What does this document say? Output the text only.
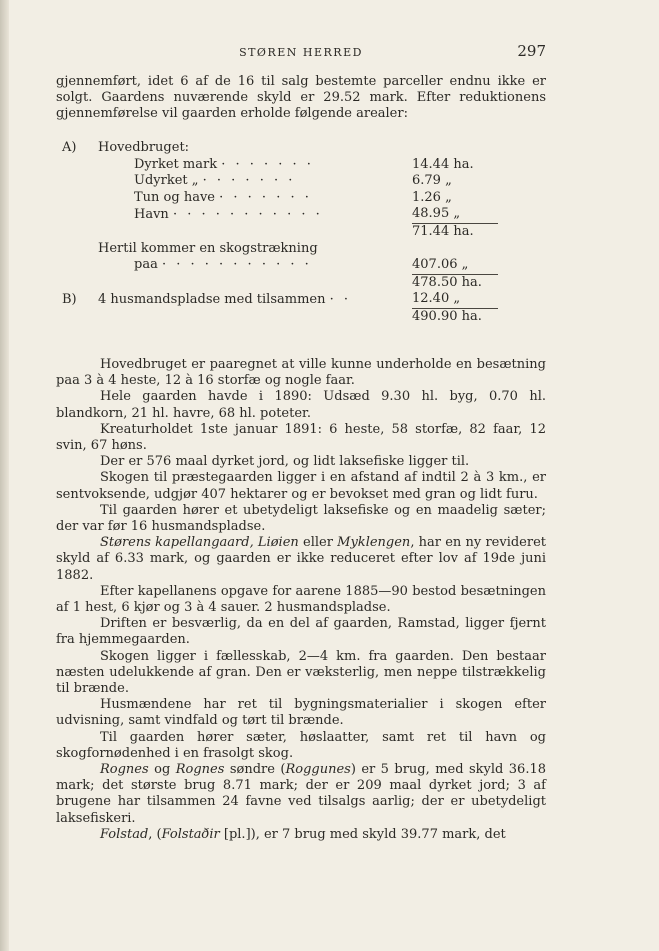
STØREN HERRED	297

gjennemført, idet 6 af de 16 til salg bestemte parceller endnu ikke er solgt. Gaardens nuværende skyld er 29.52 mark. Efter reduktionens gjennemførelse vil gaarden erholde følgende arealer:

A)	Hovedbruget:	
	Dyrket mark · · · · · · ·	14.44 ha.
	Udyrket „ · · · · · · ·	6.79 „
	Tun og have · · · · · · ·	1.26 „
	Havn · · · · · · · · · · ·	48.95 „
		71.44 ha.
	Hertil kommer en skogstrækning	
	paa · · · · · · · · · · ·	407.06 „
		478.50 ha.
B)	4 husmandspladse med tilsammen · ·	12.40 „
		490.90 ha.

Hovedbruget er paaregnet at ville kunne underholde en besætning paa 3 à 4 heste, 12 à 16 storfæ og nogle faar.

Hele gaarden havde i 1890: Udsæd 9.30 hl. byg, 0.70 hl. blandkorn, 21 hl. havre, 68 hl. poteter.

Kreaturholdet 1ste januar 1891: 6 heste, 58 storfæ, 82 faar, 12 svin, 67 høns.

Der er 576 maal dyrket jord, og lidt laksefiske ligger til.

Skogen til præstegaarden ligger i en afstand af indtil 2 à 3 km., er sentvoksende, udgjør 407 hektarer og er bevokset med gran og lidt furu.

Til gaarden hører et ubetydeligt laksefiske og en maadelig sæter; der var før 16 husmandspladse.

Størens kapellangaard, Liøien eller Myklengen, har en ny revideret skyld af 6.33 mark, og gaarden er ikke reduceret efter lov af 19de juni 1882.

Efter kapellanens opgave for aarene 1885—90 bestod besætningen af 1 hest, 6 kjør og 3 à 4 sauer. 2 husmandspladse.

Driften er besværlig, da en del af gaarden, Ramstad, ligger fjernt fra hjemmegaarden.

Skogen ligger i fællesskab, 2—4 km. fra gaarden. Den bestaar næsten udelukkende af gran. Den er væksterlig, men neppe tilstrækkelig til brænde.

Husmændene har ret til bygningsmaterialier i skogen efter udvisning, samt vindfald og tørt til brænde.

Til gaarden hører sæter, høslaatter, samt ret til havn og skogfornødenhed i en frasolgt skog.

Rognes og Rognes søndre (Roggunes) er 5 brug, med skyld 36.18 mark; det største brug 8.71 mark; der er 209 maal dyrket jord; 3 af brugene har tilsammen 24 favne ved tilsalgs aarlig; der er ubetydeligt laksefiskeri.

Folstad, (Folstaðir [pl.]), er 7 brug med skyld 39.77 mark, det
